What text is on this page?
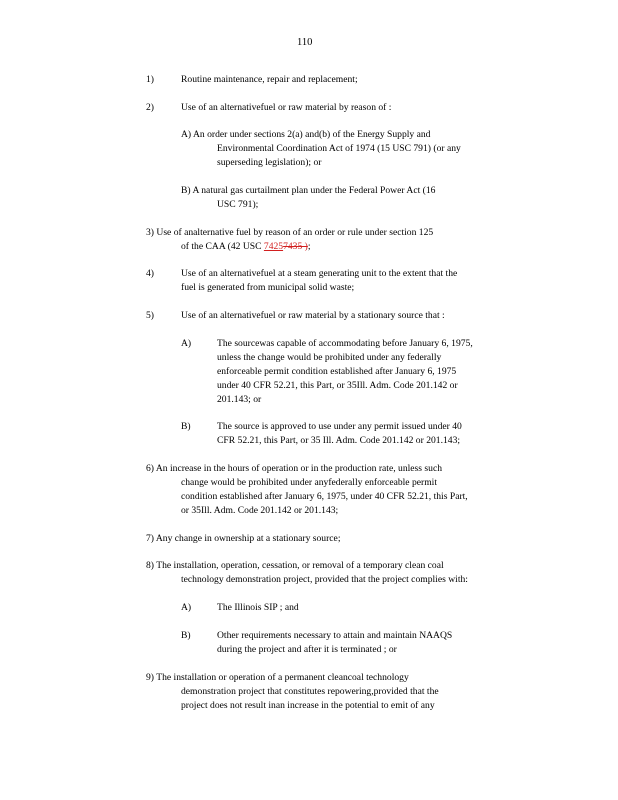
110
1)	Routine maintenance, repair and replacement;
2)	Use of an alternativefuel or raw material by reason of :
A) An order under sections 2(a) and(b) of the Energy Supply and
Environmental Coordination Act of 1974 (15 USC 791) (or any
superseding legislation); or
B) A natural gas curtailment plan under the Federal Power Act (16
USC 791);
3) Use of analternative fuel by reason of an order or rule under section 125
of the CAA (42 USC 74257435 );
4)	Use of an alternativefuel at a steam generating unit to the extent that the
fuel is generated from municipal solid waste;
5)	Use of an alternativefuel or raw material by a stationary source that :
A)	The sourcewas capable of accommodating before January 6, 1975,
unless the change would be prohibited under any federally
enforceable permit condition established after January 6, 1975
under 40 CFR 52.21, this Part, or 35Ill. Adm. Code 201.142 or
201.143; or
B)	The source is approved to use under any permit issued under 40
CFR 52.21, this Part, or 35 Ill. Adm. Code 201.142 or 201.143;
6) An increase in the hours of operation or in the production rate, unless such
change would be prohibited under anyfederally enforceable permit
condition established after January 6, 1975, under 40 CFR 52.21, this Part,
or 35Ill. Adm. Code 201.142 or 201.143;
7) Any change in ownership at a stationary source;
8) The installation, operation, cessation, or removal of a temporary clean coal
technology demonstration project, provided that the project complies with:
A)	The Illinois SIP ; and
B)	Other requirements necessary to attain and maintain NAAQS
during the project and after it is terminated ; or
9) The installation or operation of a permanent cleancoal technology
demonstration project that constitutes repowering,provided that the
project does not result inan increase in the potential to emit of any
